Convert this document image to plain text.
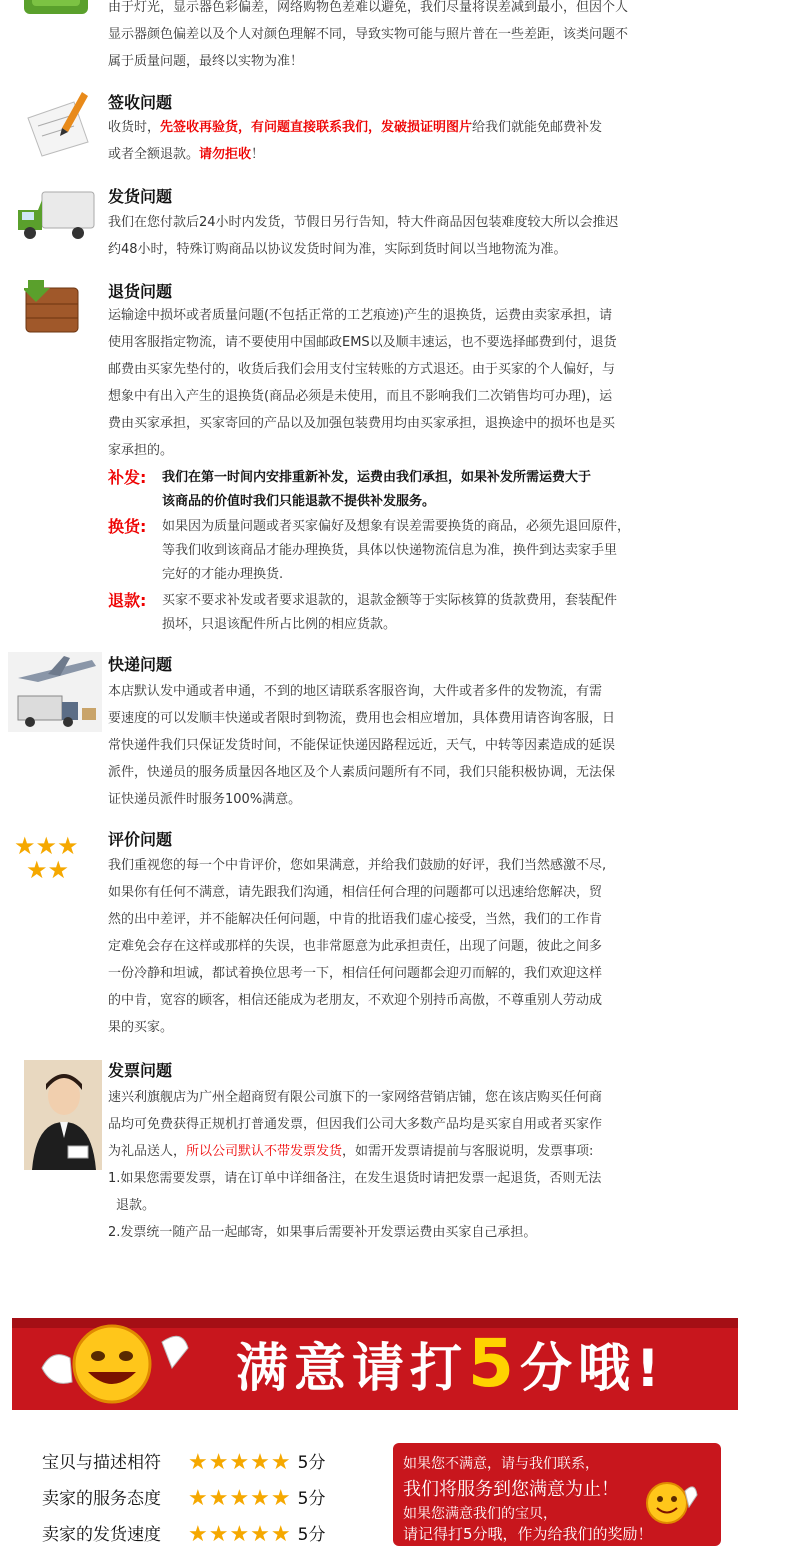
由于灯光，显示器色彩偏差，网络购物色差难以避免，我们尽量将误差减到最小，但因个人
显示器颜色偏差以及个人对颜色理解不同，导致实物可能与照片普在一些差距，该类问题不
属于质量问题，最终以实物为准！
签收问题
收货时，先签收再验货，有问题直接联系我们，发破损证明图片给我们就能免邮费补发
或者全额退款。请勿拒收！
发货问题
我们在您付款后24小时内发货，节假日另行告知，特大件商品因包装难度较大所以会推迟
约48小时，特殊订购商品以协议发货时间为准，实际到货时间以当地物流为准。
退货问题
运输途中损坏或者质量问题(不包括正常的工艺痕迹)产生的退换货，运费由卖家承担，请
使用客服指定物流，请不要使用中国邮政EMS以及顺丰速运，也不要选择邮费到付，退货
邮费由买家先垫付的，收货后我们会用支付宝转账的方式退还。由于买家的个人偏好，与
想象中有出入产生的退换货(商品必须是未使用，而且不影响我们二次销售均可办理)，运
费由买家承担，买家寄回的产品以及加强包装费用均由买家承担，退换途中的损坏也是买
家承担的。
补发: 我们在第一时间内安排重新补发，运费由我们承担，如果补发所需运费大于
该商品的价值时我们只能退款不提供补发服务。
换货: 如果因为质量问题或者买家偏好及想象有误差需要换货的商品，必须先退回原件，
等我们收到该商品才能办理换货，具体以快递物流信息为准，换件到达卖家手里
完好的才能办理换货.
退款: 买家不要求补发或者要求退款的，退款金额等于实际核算的货款费用，套装配件
损坏，只退该配件所占比例的相应货款。
快递问题
本店默认发中通或者申通，不到的地区请联系客服咨询，大件或者多件的发物流，有需
要速度的可以发顺丰快递或者限时到物流，费用也会相应增加，具体费用请咨询客服，日
常快递件我们只保证发货时间，不能保证快递因路程远近，天气，中转等因素造成的延误
派件，快递员的服务质量因各地区及个人素质问题所有不同，我们只能积极协调，无法保
证快递员派件时服务100%满意。
★★★
★★
评价问题
我们重视您的每一个中肯评价，您如果满意，并给我们鼓励的好评，我们当然感激不尽,
如果你有任何不满意，请先跟我们沟通，相信任何合理的问题都可以迅速给您解决，贸
然的出中差评，并不能解决任何问题，中肯的批语我们虚心接受，当然，我们的工作肯
定难免会存在这样或那样的失误，也非常愿意为此承担责任，出现了问题，彼此之间多
一份冷静和坦诚，都试着换位思考一下，相信任何问题都会迎刃而解的，我们欢迎这样
的中肯，宽容的顾客，相信还能成为老朋友，不欢迎个别持币高傲，不尊重别人劳动成
果的买家。
发票问题
速兴利旗舰店为广州全超商贸有限公司旗下的一家网络营销店铺，您在该店购买任何商
品均可免费获得正规机打普通发票，但因我们公司大多数产品均是买家自用或者买家作
为礼品送人，所以公司默认不带发票发货，如需开发票请提前与客服说明，发票事项:
1.如果您需要发票，请在订单中详细备注，在发生退货时请把发票一起退货，否则无法
退款。
2.发票统一随产品一起邮寄，如果事后需要补开发票运费由买家自己承担。
满意请打5分哦!
宝贝与描述相符 ★★★★★ 5分
卖家的服务态度 ★★★★★ 5分
卖家的发货速度 ★★★★★ 5分
如果您不满意，请与我们联系，
我们将服务到您满意为止！
如果您满意我们的宝贝，
请记得打5分哦，作为给我们的奖励！
